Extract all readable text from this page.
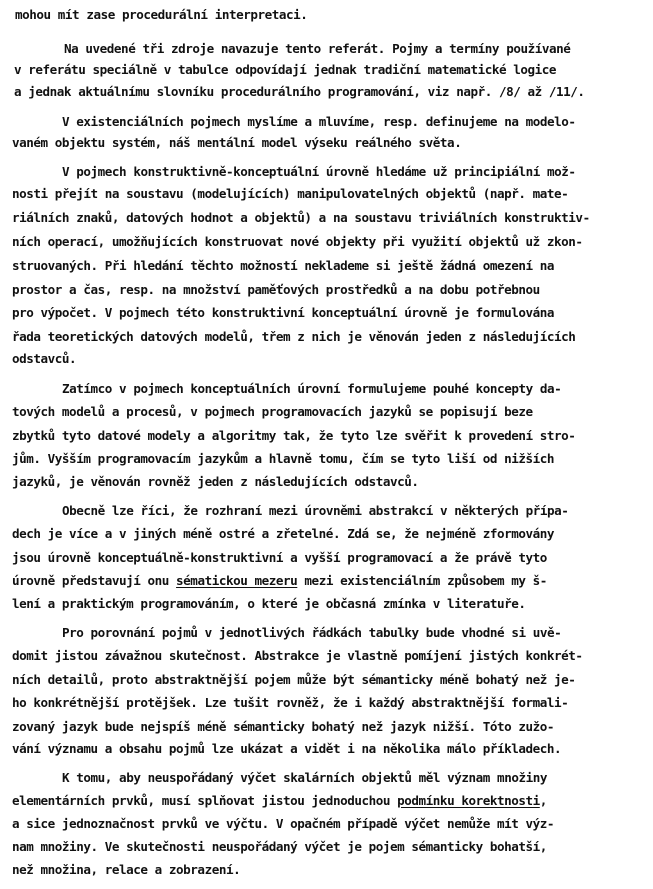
mohou mít zase procedurální interpretaci.
Na uvedené tři zdroje navazuje tento referát. Pojmy a termíny používané
v referátu speciálně v tabulce odpovídají jednak tradiční matematické logice
a jednak aktuálnímu slovníku procedurálního programování, viz např. /8/ až /11/.
V existenciálních pojmech myslíme a mluvíme, resp. definujeme na modelo-
vaném objektu systém, náš mentální model výseku reálného světa.
V pojmech konstruktivně-konceptuální úrovně hledáme už principiální mož-
nosti přejít na soustavu (modelujících) manipulovatelných objektů (např. mate-
riálních znaků, datových hodnot a objektů) a na soustavu triviálních konstruktiv-
ních operací, umožňujících konstruovat nové objekty při využití objektů už zkon-
struovaných. Při hledání těchto možností neklademe si ještě žádná omezení na
prostor a čas, resp. na množství paměťových prostředků a na dobu potřebnou
pro výpočet. V pojmech této konstruktivní konceptuální úrovně je formulována
řada teoretických datových modelů, třem z nich je věnován jeden z následujících
odstavců.
Zatímco v pojmech konceptuálních úrovní formulujeme pouhé koncepty da-
tových modelů a procesů, v pojmech programovacích jazyků se popisují beze
zbytků tyto datové modely a algoritmy tak, že tyto lze svěřit k provedení stro-
jům. Vyšším programovacím jazykům a hlavně tomu, čím se tyto liší od nižších
jazyků, je věnován rovněž jeden z následujících odstavců.
Obecně lze říci, že rozhraní mezi úrovněmi abstrakcí v některých přípa-
dech je více a v jiných méně ostré a zřetelné. Zdá se, že nejméně zformovány
jsou úrovně konceptuálně-konstruktivní a vyšší programovací a že právě tyto
úrovně představují onu sématickou mezeru mezi existenciálním způsobem my š-
lení a praktickým programováním, o které je občasná zmínka v literatuře.
Pro porovnání pojmů v jednotlivých řádkách tabulky bude vhodné si uvě-
domit jistou závažnou skutečnost. Abstrakce je vlastně pomíjení jistých konkrét-
ních detailů, proto abstraktnější pojem může být sémanticky méně bohatý než je-
ho konkrétnější protějšek. Lze tušit rovněž, že i každý abstraktnější formali-
zovaný jazyk bude nejspíš méně sémanticky bohatý než jazyk nižší. Tóto zužo-
vání významu a obsahu pojmů lze ukázat a vidět i na několika málo příkladech.
K tomu, aby neuspořádaný výčet skalárních objektů měl význam množiny
elementárních prvků, musí splňovat jistou jednoduchou podmínku korektnosti,
a sice jednoznačnost prvků ve výčtu. V opačném případě výčet nemůže mít výz-
nam množiny. Ve skutečnosti neuspořádaný výčet je pojem sémanticky bohatší,
než množina, relace a zobrazení.
